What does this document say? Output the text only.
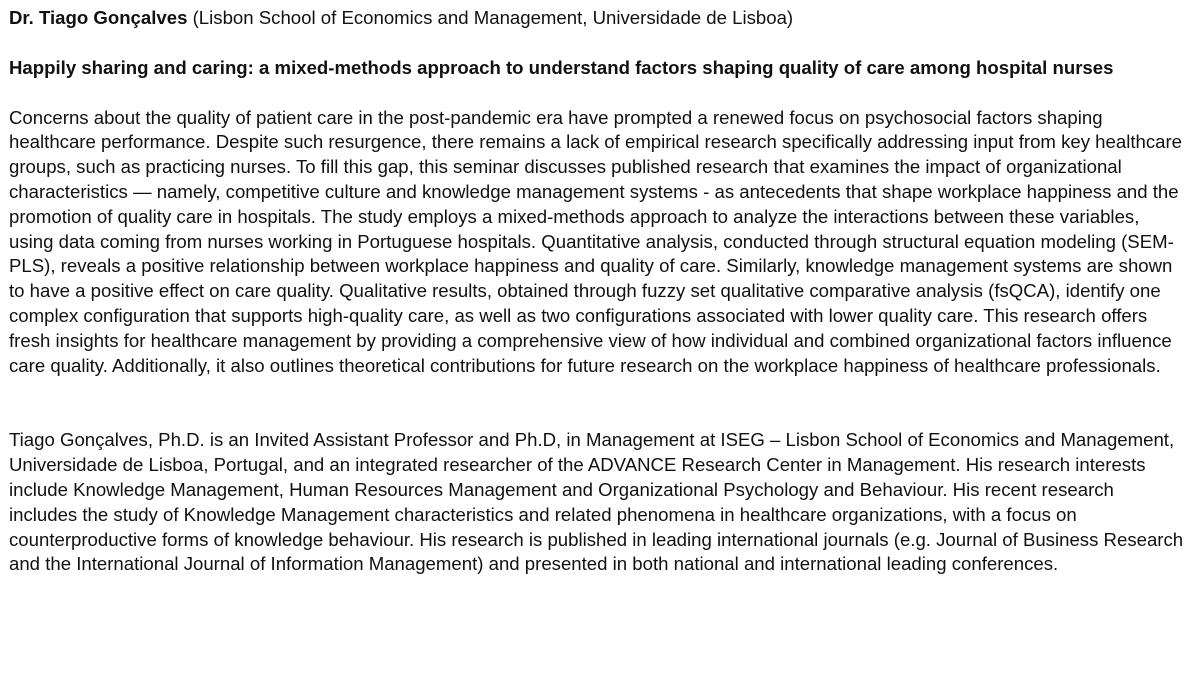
Dr. Tiago Gonçalves (Lisbon School of Economics and Management, Universidade de Lisboa)

Happily sharing and caring: a mixed-methods approach to understand factors shaping quality of care among hospital nurses

Concerns about the quality of patient care in the post-pandemic era have prompted a renewed focus on psychosocial factors shaping healthcare performance. Despite such resurgence, there remains a lack of empirical research specifically addressing input from key healthcare groups, such as practicing nurses. To fill this gap, this seminar discusses published research that examines the impact of organizational characteristics — namely, competitive culture and knowledge management systems - as antecedents that shape workplace happiness and the promotion of quality care in hospitals. The study employs a mixed-methods approach to analyze the interactions between these variables, using data coming from nurses working in Portuguese hospitals. Quantitative analysis, conducted through structural equation modeling (SEM-PLS), reveals a positive relationship between workplace happiness and quality of care. Similarly, knowledge management systems are shown to have a positive effect on care quality. Qualitative results, obtained through fuzzy set qualitative comparative analysis (fsQCA), identify one complex configuration that supports high-quality care, as well as two configurations associated with lower quality care. This research offers fresh insights for healthcare management by providing a comprehensive view of how individual and combined organizational factors influence care quality. Additionally, it also outlines theoretical contributions for future research on the workplace happiness of healthcare professionals.

Tiago Gonçalves, Ph.D. is an Invited Assistant Professor and Ph.D, in Management at ISEG – Lisbon School of Economics and Management, Universidade de Lisboa, Portugal, and an integrated researcher of the ADVANCE Research Center in Management. His research interests include Knowledge Management, Human Resources Management and Organizational Psychology and Behaviour. His recent research includes the study of Knowledge Management characteristics and related phenomena in healthcare organizations, with a focus on counterproductive forms of knowledge behaviour. His research is published in leading international journals (e.g. Journal of Business Research and the International Journal of Information Management) and presented in both national and international leading conferences.
